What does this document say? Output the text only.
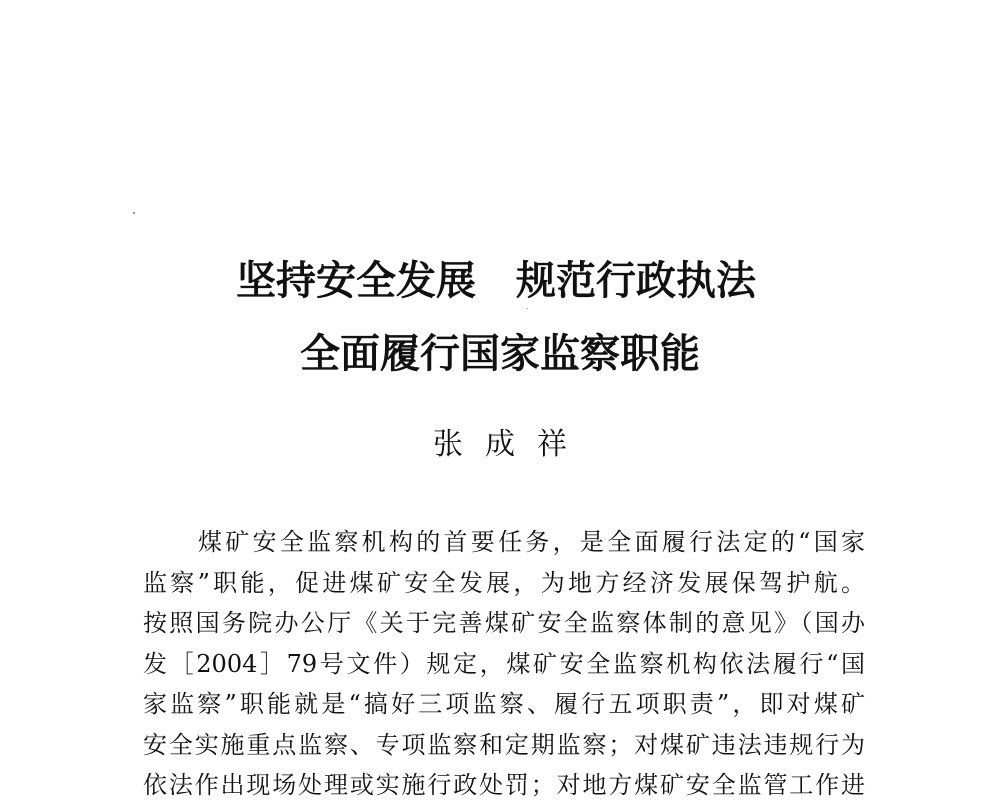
坚持安全发展　规范行政执法
全面履行国家监察职能
张成祥
煤矿安全监察机构的首要任务，是全面履行法定的“国家
监察”职能，促进煤矿安全发展，为地方经济发展保驾护航。
按照国务院办公厅《关于完善煤矿安全监察体制的意见》（国办
发［2004］79号文件）规定，煤矿安全监察机构依法履行“国
家监察”职能就是“搞好三项监察、履行五项职责”，即对煤矿
安全实施重点监察、专项监察和定期监察；对煤矿违法违规行为
依法作出现场处理或实施行政处罚；对地方煤矿安全监管工作进
